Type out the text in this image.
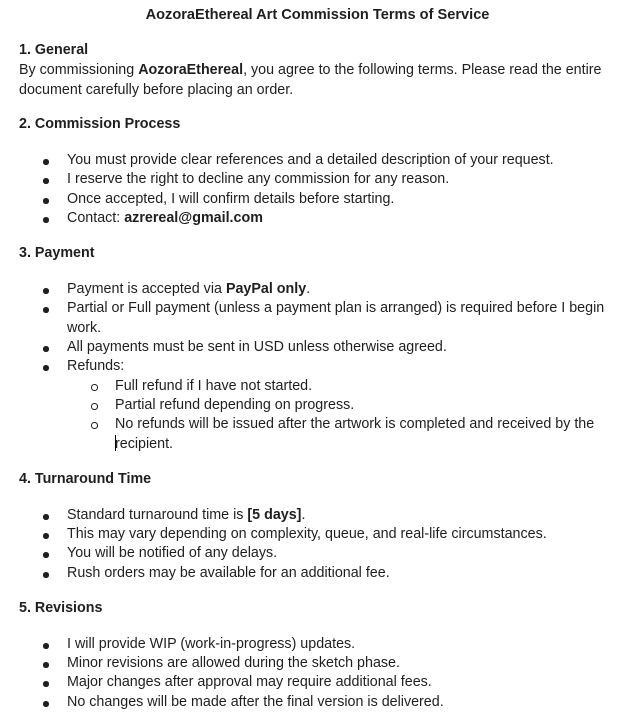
AozoraEthereal Art Commission Terms of Service
1. General
By commissioning AozoraEthereal, you agree to the following terms. Please read the entire
document carefully before placing an order.
2. Commission Process
You must provide clear references and a detailed description of your request.
I reserve the right to decline any commission for any reason.
Once accepted, I will confirm details before starting.
Contact: azrereal@gmail.com
3. Payment
Payment is accepted via PayPal only.
Partial or Full payment (unless a payment plan is arranged) is required before I begin
work.
All payments must be sent in USD unless otherwise agreed.
Refunds:
Full refund if I have not started.
Partial refund depending on progress.
No refunds will be issued after the artwork is completed and received by the
recipient.
4. Turnaround Time
Standard turnaround time is [5 days].
This may vary depending on complexity, queue, and real-life circumstances.
You will be notified of any delays.
Rush orders may be available for an additional fee.
5. Revisions
I will provide WIP (work-in-progress) updates.
Minor revisions are allowed during the sketch phase.
Major changes after approval may require additional fees.
No changes will be made after the final version is delivered.
